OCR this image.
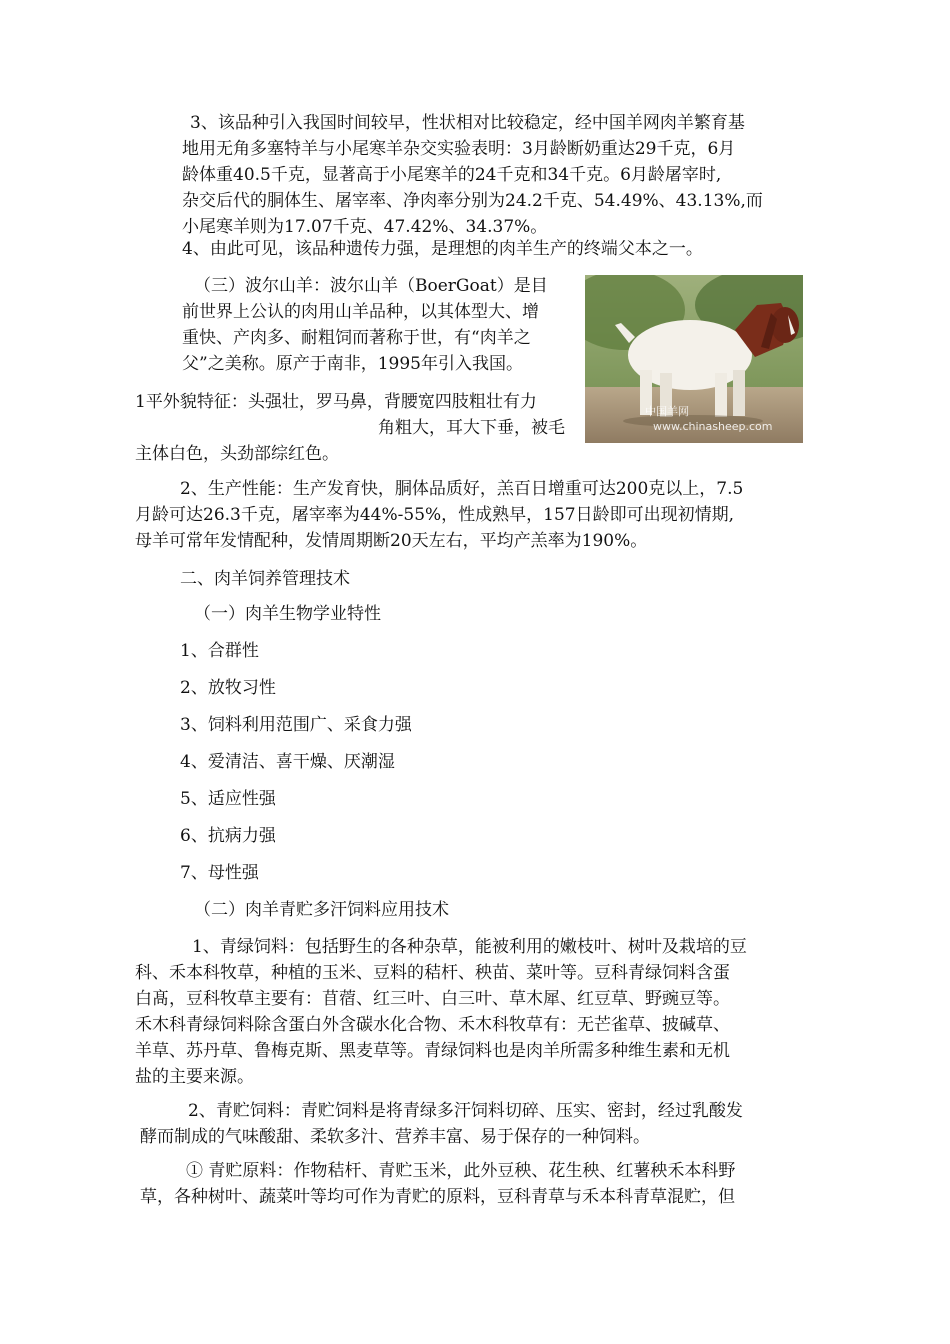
3、该品种引入我国时间较早，性状相对比较稳定，经中国羊网肉羊繁育基
地用无角多塞特羊与小尾寒羊杂交实验表明：3月龄断奶重达29千克，6月
龄体重40.5千克，显著高于小尾寒羊的24千克和34千克。6月龄屠宰时,
杂交后代的胴体生、屠宰率、净肉率分别为24.2千克、54.49%、43.13%,而
小尾寒羊则为17.07千克、47.42%、34.37%。
4、由此可见，该品种遗传力强，是理想的肉羊生产的终端父本之一。
（三）波尔山羊：波尔山羊（BoerGoat）是目
前世界上公认的肉用山羊品种，以其体型大、增
重快、产肉多、耐粗饲而著称于世，有“肉羊之
父”之美称。原产于南非，1995年引入我国。
1平外貌特征：头强壮，罗马鼻，背腰宽四肢粗壮有力
角粗大，耳大下垂，被毛
主体白色，头劲部综红色。
中国羊网
www.chinasheep.com
2、生产性能：生产发育快，胴体品质好，羔百日增重可达200克以上，7.5
月龄可达26.3千克，屠宰率为44%-55%，性成熟早，157日龄即可出现初情期,
母羊可常年发情配种，发情周期断20天左右，平均产羔率为190%。
二、肉羊饲养管理技术
（一）肉羊生物学业特性
1、合群性
2、放牧习性
3、饲料利用范围广、采食力强
4、爱清洁、喜干燥、厌潮湿
5、适应性强
6、抗病力强
7、母性强
（二）肉羊青贮多汗饲料应用技术
1、青绿饲料：包括野生的各种杂草，能被利用的嫩枝叶、树叶及栽培的豆
科、禾本科牧草，种植的玉米、豆料的秸杆、秧苗、菜叶等。豆科青绿饲料含蛋
白髙，豆科牧草主要有：苜蓿、红三叶、白三叶、草木犀、红豆草、野豌豆等。
禾木科青绿饲料除含蛋白外含碳水化合物、禾木科牧草有：无芒雀草、披碱草、
羊草、苏丹草、鲁梅克斯、黑麦草等。青绿饲料也是肉羊所需多种维生素和无机
盐的主要来源。
2、青贮饲料：青贮饲料是将青绿多汗饲料切碎、压实、密封，经过乳酸发
酵而制成的气味酸甜、柔软多汁、营养丰富、易于保存的一种饲料。
① 青贮原料：作物秸杆、青贮玉米，此外豆秧、花生秧、红薯秧禾本科野
草，各种树叶、蔬菜叶等均可作为青贮的原料，豆科青草与禾本科青草混贮，但
